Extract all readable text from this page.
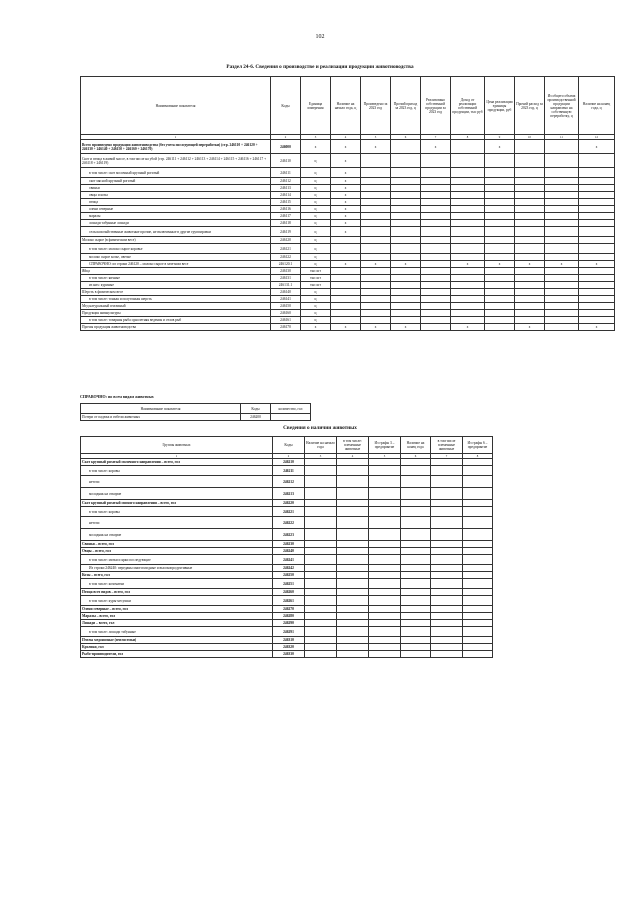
102
Раздел 24-6. Сведения о производстве и реализации продукции животноводства
Наименование показателя	Коды	Единица измерения	Наличие на начало года, ц	Произведено за 2023 год	Прочий приход за 2023 год, ц	Реализовано собственной продукции за 2023 год	Доход от реализации собственной продукции, тыс руб	Цена реализации единицы продукции, руб	Прочий расход за 2023 год, ц	Из общего объема производственной продукции направлено на собственную переработку, ц	Наличие на конец года, ц	
1	2	3	4	5	6	7	8	9	10	11	12	
Всего произведено продукции животноводства (без учета последующей переработки) (стр. 246110 + 246120 + 246130 + 246140 + 246150 + 246160 + 246170)	246000	х	х	х		х		х			х	
Скот и птица в живой массе, в том числе на убой (стр. 246111 + 246112 + 246113 + 246114 + 246115 + 246116 + 246117 + 246118 + 246119)	246110	ц	х									
в том числе: скот молочный крупный рогатый	246111	ц	х									
скот мясной крупный рогатый	246112	ц	х									
свиньи	246113	ц	х									
овцы и козы	246114	ц	х									
птица	246115	ц	х									
олени северные	246116	ц	х									
маралы	246117	ц	х									
лошади табунные лошади	246118	ц	х									
сельскохозяйственные животные прочие, не включенные в другие группировки	246119	ц	х									
Молоко сырое (в физическом весе)	246120	ц										
в том числе: молоко сырое коровье	246121	ц										
молоко сырое козье, овечье	246122	ц										
СПРАВОЧНО: из строки 246120 – молоко сырое в зачетном весе	246120.1	ц	х	х	х		х	х	х	х	х	
Яйца	246130	тыс шт										
в том числе: яичные	246131	тыс шт										
из них: куриные	246131.1	тыс шт										
Шерсть в физическом весе	246140	ц										
в том числе: тонкая и полутонкая шерсть	246141	ц										
Мед натуральный пчелиный	246150	ц										
Продукция аквакультуры	246160	ц										
в том числе: товарная рыба однолетняя ведения и отлов рыб	246161	ц										
Прочая продукция животноводства	246170	х	х	х	х		х		х		х	
СПРАВОЧНО: по всем видам животных
Наименование показателя	Коды	количество, гол
Потери от падежа и гибели животных	246200	
Сведения о наличии животных
Группы животных	Коды	Наличие на начало года	в том числе: племенные животные	Из графы 3 – предприятие	Наличие на конец года	в том числе племенные животные	Из графы 6 – предприятие
1	2	3	4	5	6	7	8
Скот крупный рогатый молочного направления – всего, гол	246210						
в том числе: коровы	246211						
нетели	246212						
молодняк на откорме	246213						
Скот крупный рогатый мясного направления – всего, гол	246220						
в том числе: коровы	246221						
нетели	246222						
молодняк на откорме	246223						
Свиньи – всего, гол	246230						
Овцы – всего, гол	246240						
в том числе: матки и ярки последующие	246241						
Из строки 246240: переданы многоплодные и высокопродуктивные	246242						
Козы – всего, гол	246250						
в том числе: козоматки	246251						
Птица всех видов – всего, гол	246260						
в том числе: куры-несушки	246261						
Олени северные – всего, гол	246270						
Маралы – всего, гол	246280						
Лошади – всего, гол	246290						
в том числе: лошади табунные	246291						
Пчелы медоносные (пчелосемьи)	246310						
Кролики, гол	246320						
Рыбо-производители, гол	246330						
